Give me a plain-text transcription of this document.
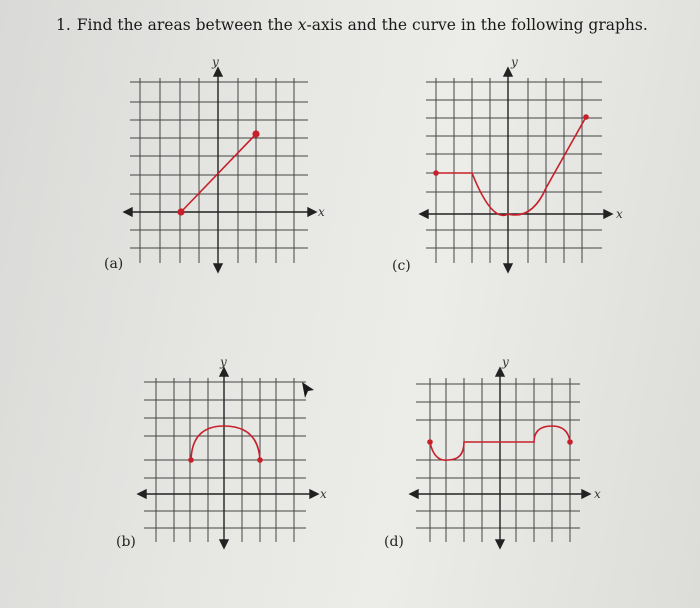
1. Find the areas between the x-axis and the curve in the following graphs.
(a)
y
x
(c)
y
x
(b)
y
x
(d)
y
x
